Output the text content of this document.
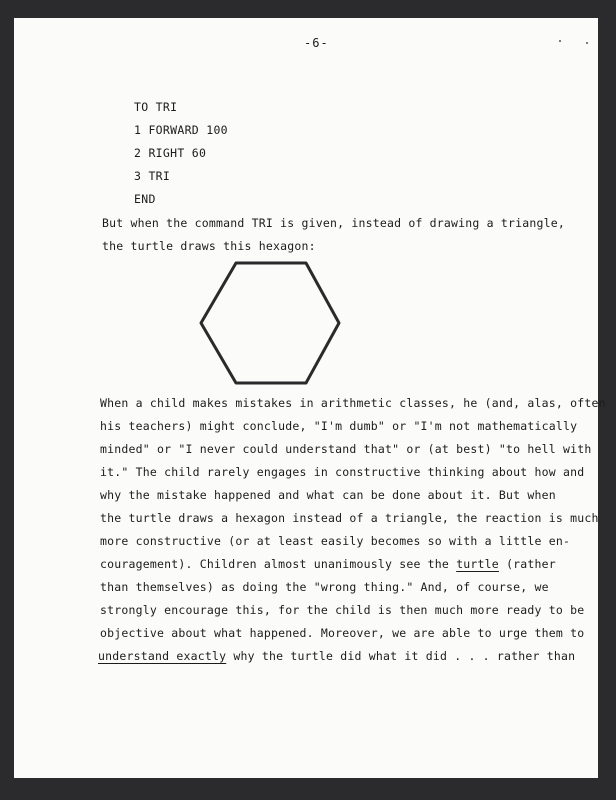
-6-
TO TRI
1 FORWARD 100
2 RIGHT 60
3 TRI
END
But when the command TRI is given, instead of drawing a triangle,
the turtle draws this hexagon:
When a child makes mistakes in arithmetic classes, he (and, alas, often
his teachers) might conclude, "I'm dumb" or "I'm not mathematically
minded" or "I never could understand that" or (at best) "to hell with
it." The child rarely engages in constructive thinking about how and
why the mistake happened and what can be done about it. But when
the turtle draws a hexagon instead of a triangle, the reaction is much
more constructive (or at least easily becomes so with a little en-
couragement). Children almost unanimously see the turtle (rather
than themselves) as doing the "wrong thing." And, of course, we
strongly encourage this, for the child is then much more ready to be
objective about what happened. Moreover, we are able to urge them to
understand exactly why the turtle did what it did . . . rather than
